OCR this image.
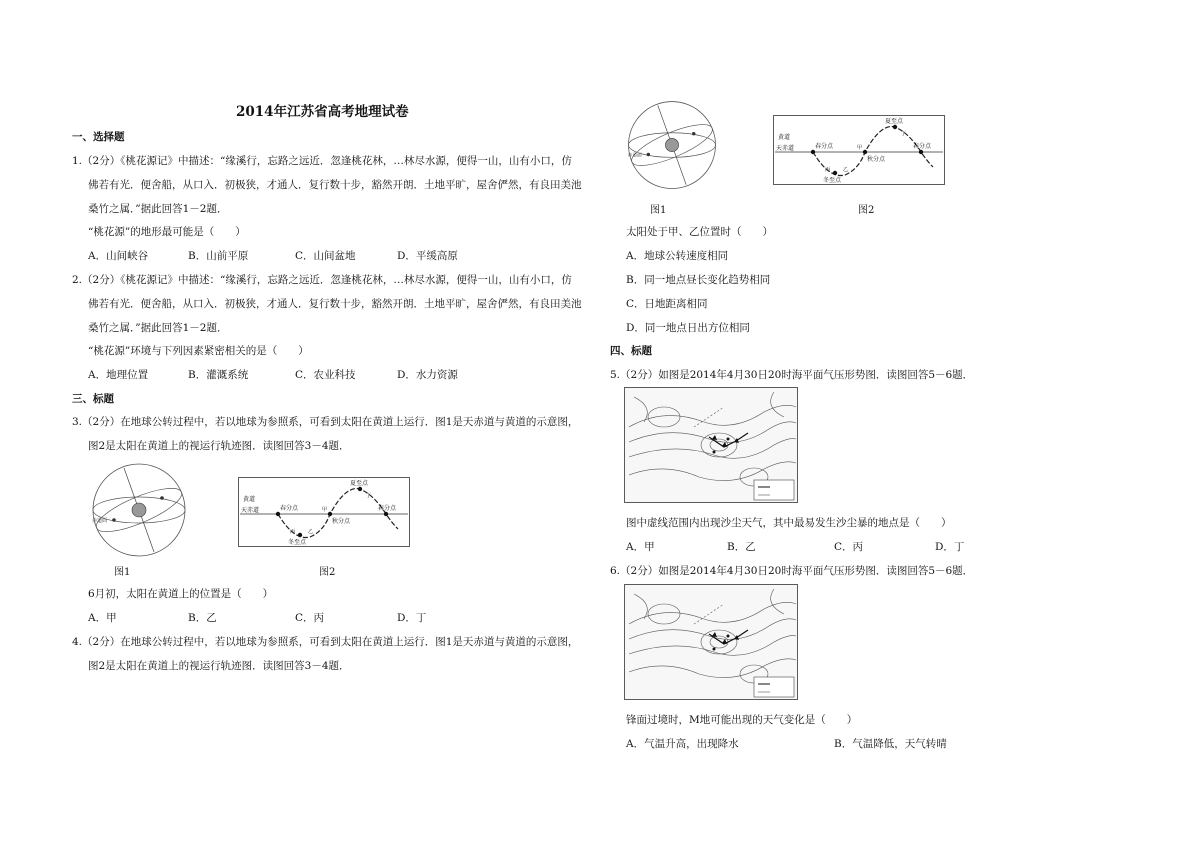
2014年江苏省高考地理试卷
一、选择题
1.（2分）《桃花源记》中描述：“缘溪行，忘路之远近．忽逢桃花林，…林尽水源，便得一山，山有小口，仿
佛若有光．便舍船，从口入．初极狭，才通人．复行数十步，豁然开朗．土地平旷，屋舍俨然，有良田美池
桑竹之属．”据此回答1－2题．
“桃花源”的地形最可能是（　　）
A．山间峡谷	B．山前平原	C．山间盆地	D．平缓高原
2.（2分）《桃花源记》中描述：“缘溪行，忘路之远近．忽逢桃花林，…林尽水源，便得一山，山有小口，仿
佛若有光．便舍船，从口入．初极狭，才通人．复行数十步，豁然开朗．土地平旷，屋舍俨然，有良田美池
桑竹之属．”据此回答1－2题．
“桃花源”环境与下列因素紧密相关的是（　　）
A．地理位置	B．灌溉系统	C．农业科技	D．水力资源
三、标题
3.（2分）在地球公转过程中，若以地球为参照系，可看到太阳在黄道上运行．图1是天赤道与黄道的示意图，
图2是太阳在黄道上的视运行轨迹图．读图回答3－4题．
赤道面
图1
黄道
天赤道	春分点
秋分点
夏至点
冬至点
春分点
丙	乙
甲
丁
图2
6月初，太阳在黄道上的位置是（　　）
A．甲	B．乙	C．丙	D．丁
4.（2分）在地球公转过程中，若以地球为参照系，可看到太阳在黄道上运行．图1是天赤道与黄道的示意图，
图2是太阳在黄道上的视运行轨迹图．读图回答3－4题．
赤道面
图1
黄道
天赤道	春分点
秋分点
夏至点
冬至点
春分点
丙	乙
甲
丁
图2
太阳处于甲、乙位置时（　　）
A．地球公转速度相同
B．同一地点昼长变化趋势相同
C．日地距离相同
D．同一地点日出方位相同
四、标题
5.（2分）如图是2014年4月30日20时海平面气压形势图．读图回答5－6题．
图中虚线范围内出现沙尘天气，其中最易发生沙尘暴的地点是（　　）
A．甲	B．乙	C．丙	D．丁
6.（2分）如图是2014年4月30日20时海平面气压形势图．读图回答5－6题．
锋面过境时，M地可能出现的天气变化是（　　）
A．气温升高，出现降水	B．气温降低，天气转晴
